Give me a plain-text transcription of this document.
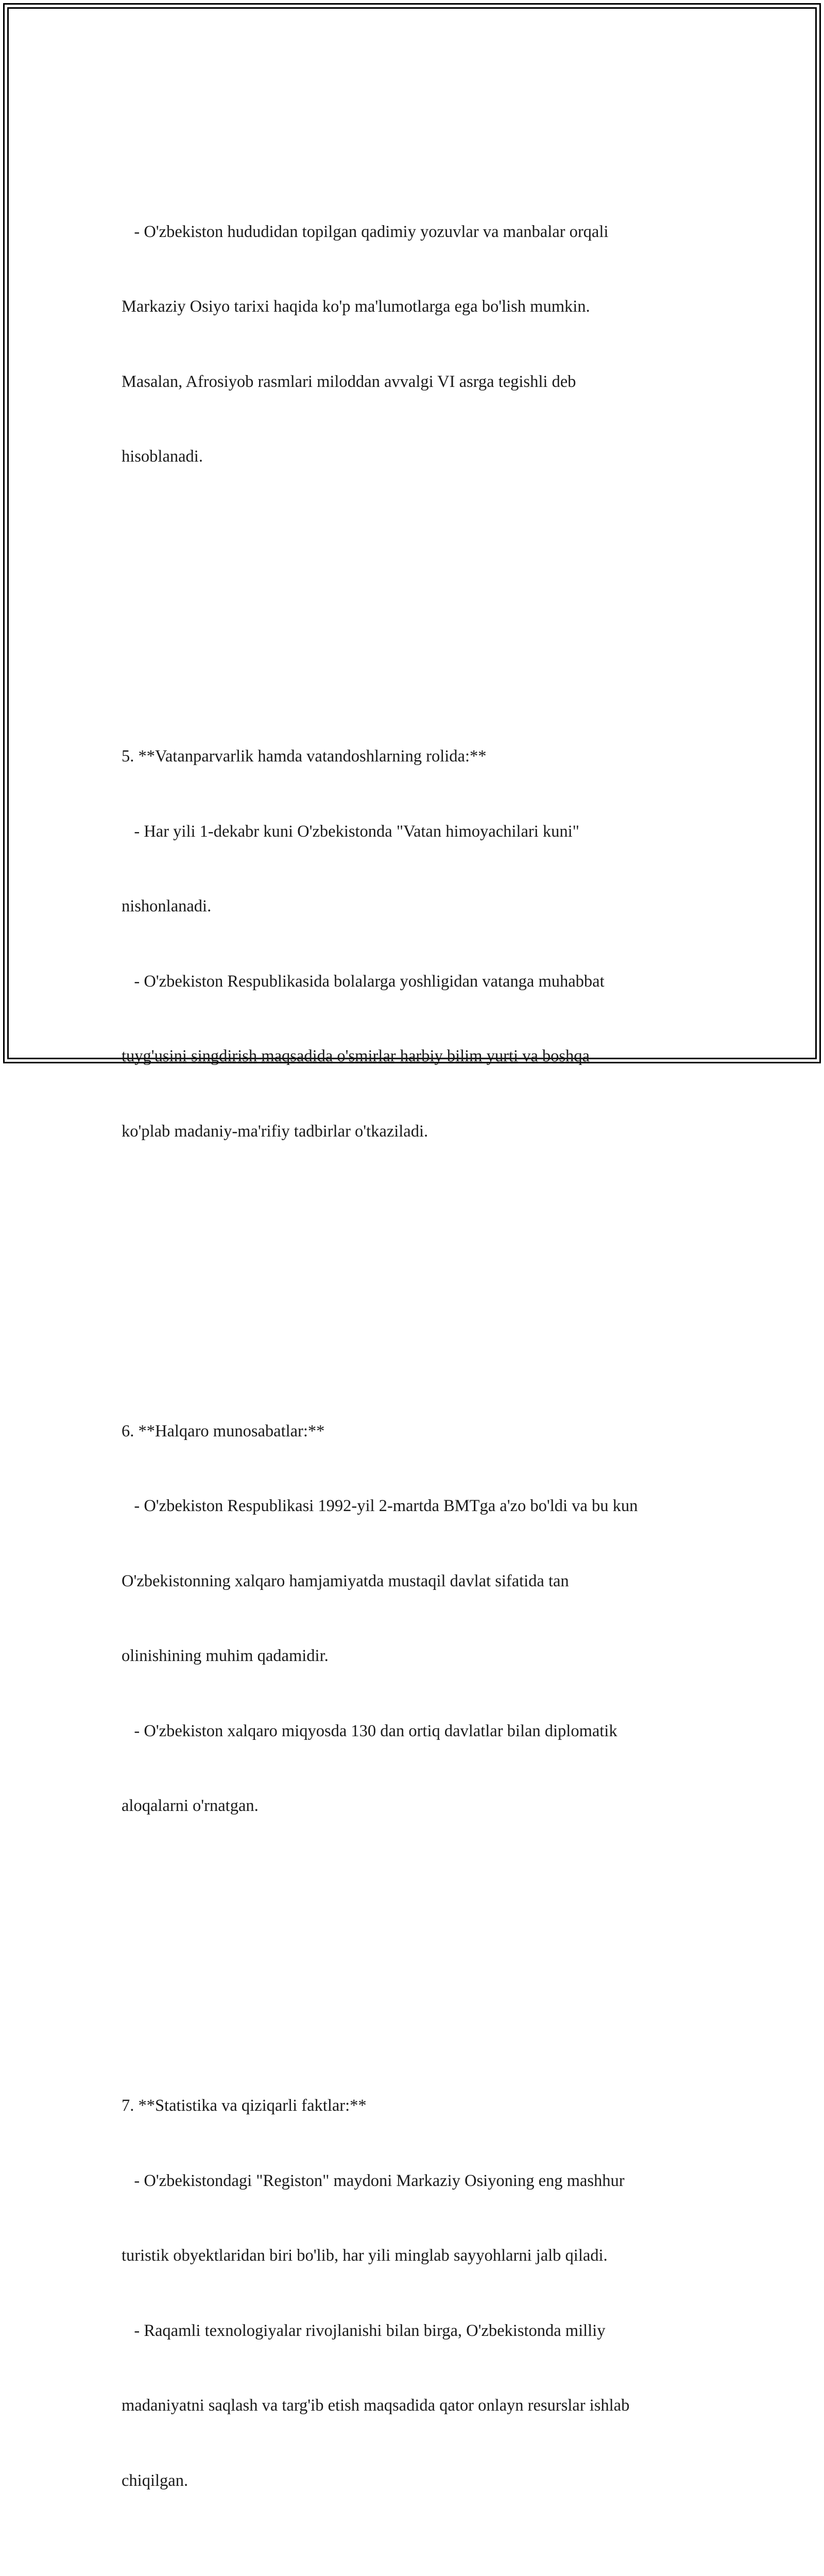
- O'zbekiston hududidan topilgan qadimiy yozuvlar va manbalar orqali

Markaziy Osiyo tarixi haqida ko'p ma'lumotlarga ega bo'lish mumkin.

Masalan, Afrosiyob rasmlari miloddan avvalgi VI asrga tegishli deb

hisoblanadi.

5. **Vatanparvarlik hamda vatandoshlarning rolida:**

- Har yili 1-dekabr kuni O'zbekistonda "Vatan himoyachilari kuni"

nishonlanadi.

- O'zbekiston Respublikasida bolalarga yoshligidan vatanga muhabbat

tuyg'usini singdirish maqsadida o'smirlar harbiy bilim yurti va boshqa

ko'plab madaniy-ma'rifiy tadbirlar o'tkaziladi.

6. **Halqaro munosabatlar:**

- O'zbekiston Respublikasi 1992-yil 2-martda BMTga a'zo bo'ldi va bu kun

O'zbekistonning xalqaro hamjamiyatda mustaqil davlat sifatida tan

olinishining muhim qadamidir.

- O'zbekiston xalqaro miqyosda 130 dan ortiq davlatlar bilan diplomatik

aloqalarni o'rnatgan.

7. **Statistika va qiziqarli faktlar:**

- O'zbekistondagi "Registon" maydoni Markaziy Osiyoning eng mashhur

turistik obyektlaridan biri bo'lib, har yili minglab sayyohlarni jalb qiladi.

- Raqamli texnologiyalar rivojlanishi bilan birga, O'zbekistonda milliy

madaniyatni saqlash va targ'ib etish maqsadida qator onlayn resurslar ishlab

chiqilgan.
